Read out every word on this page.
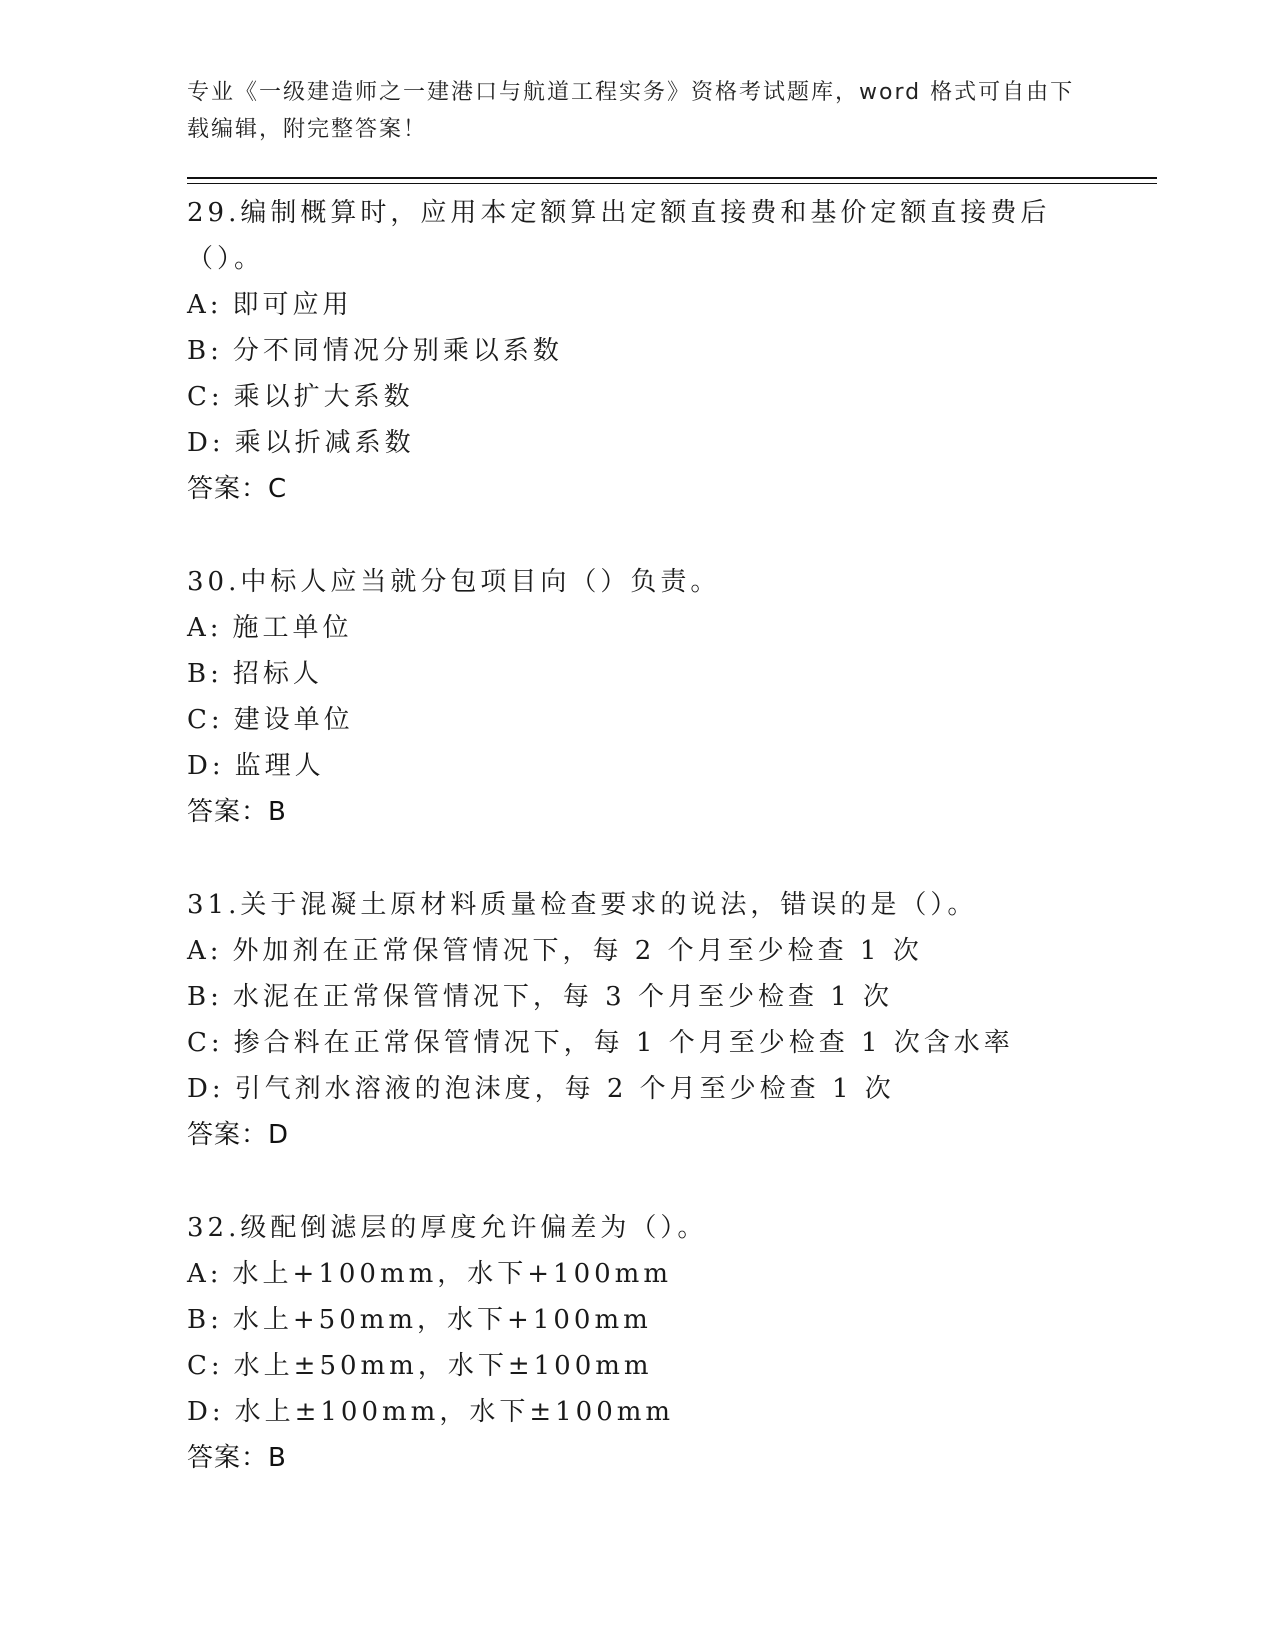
专业《一级建造师之一建港口与航道工程实务》资格考试题库，word 格式可自由下载编辑，附完整答案！
29.编制概算时，应用本定额算出定额直接费和基价定额直接费后（）。
A: 即可应用
B: 分不同情况分别乘以系数
C: 乘以扩大系数
D: 乘以折减系数
答案：C
30.中标人应当就分包项目向（）负责。
A: 施工单位
B: 招标人
C: 建设单位
D: 监理人
答案：B
31.关于混凝土原材料质量检查要求的说法，错误的是（）。
A: 外加剂在正常保管情况下，每 2 个月至少检查 1 次
B: 水泥在正常保管情况下，每 3 个月至少检查 1 次
C: 掺合料在正常保管情况下，每 1 个月至少检查 1 次含水率
D: 引气剂水溶液的泡沫度，每 2 个月至少检查 1 次
答案：D
32.级配倒滤层的厚度允许偏差为（）。
A: 水上+100mm，水下+100mm
B: 水上+50mm，水下+100mm
C: 水上±50mm，水下±100mm
D: 水上±100mm，水下±100mm
答案：B
